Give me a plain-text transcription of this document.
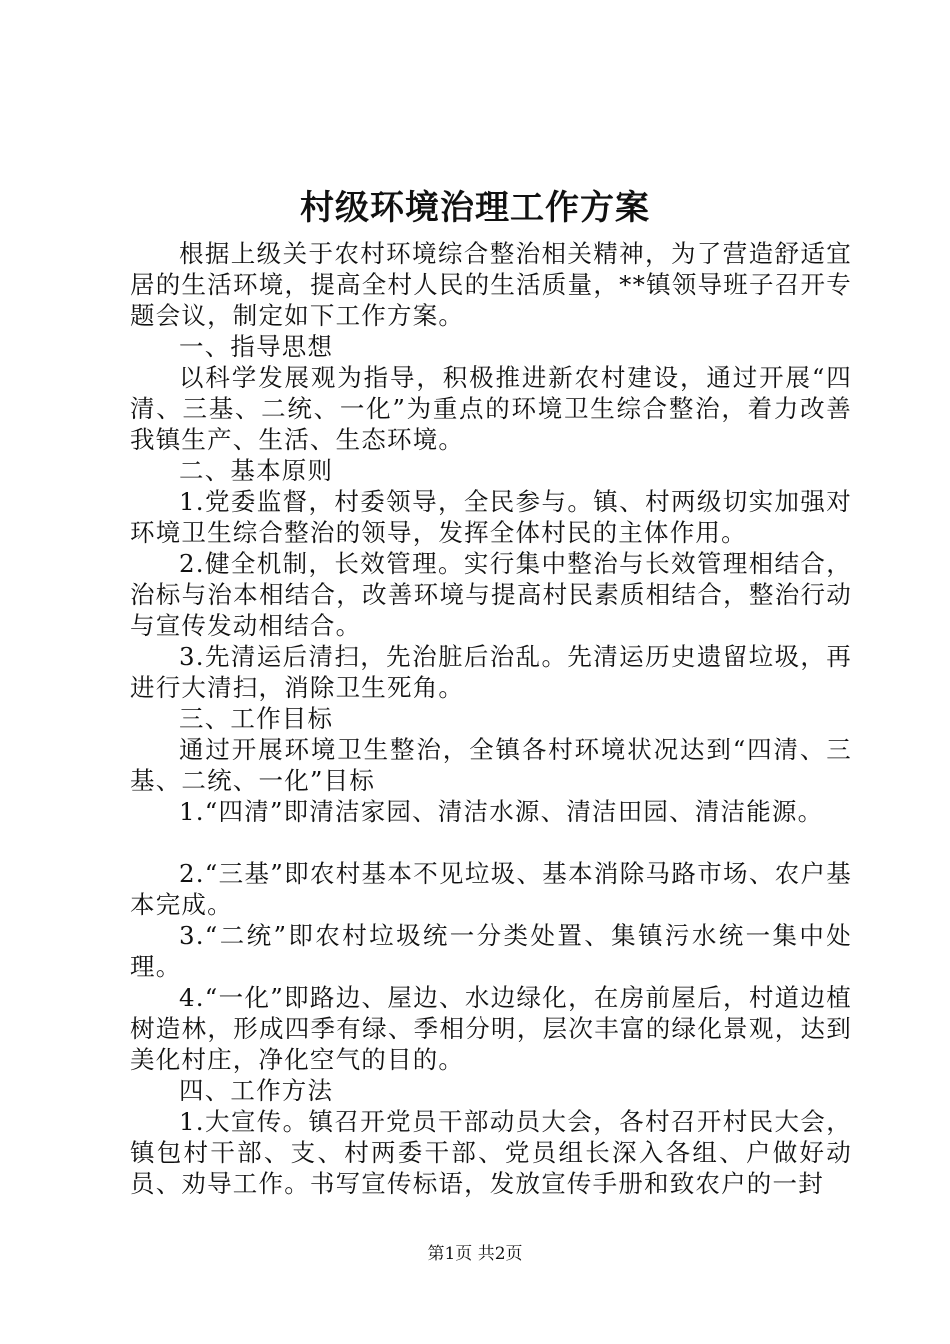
村级环境治理工作方案

根据上级关于农村环境综合整治相关精神，为了营造舒适宜居的生活环境，提高全村人民的生活质量，**镇领导班子召开专题会议，制定如下工作方案。

一、指导思想

以科学发展观为指导，积极推进新农村建设，通过开展“四清、三基、二统、一化”为重点的环境卫生综合整治，着力改善我镇生产、生活、生态环境。

二、基本原则

1.党委监督，村委领导，全民参与。镇、村两级切实加强对环境卫生综合整治的领导，发挥全体村民的主体作用。

2.健全机制，长效管理。实行集中整治与长效管理相结合，治标与治本相结合，改善环境与提高村民素质相结合，整治行动与宣传发动相结合。

3.先清运后清扫，先治脏后治乱。先清运历史遗留垃圾，再进行大清扫，消除卫生死角。

三、工作目标

通过开展环境卫生整治，全镇各村环境状况达到“四清、三基、二统、一化”目标

1.“四清”即清洁家园、清洁水源、清洁田园、清洁能源。

2.“三基”即农村基本不见垃圾、基本消除马路市场、农户基本完成。

3.“二统”即农村垃圾统一分类处置、集镇污水统一集中处理。

4.“一化”即路边、屋边、水边绿化，在房前屋后，村道边植树造林，形成四季有绿、季相分明，层次丰富的绿化景观，达到美化村庄，净化空气的目的。

四、工作方法

1.大宣传。镇召开党员干部动员大会，各村召开村民大会，镇包村干部、支、村两委干部、党员组长深入各组、户做好动员、劝导工作。书写宣传标语，发放宣传手册和致农户的一封

第1页 共2页
